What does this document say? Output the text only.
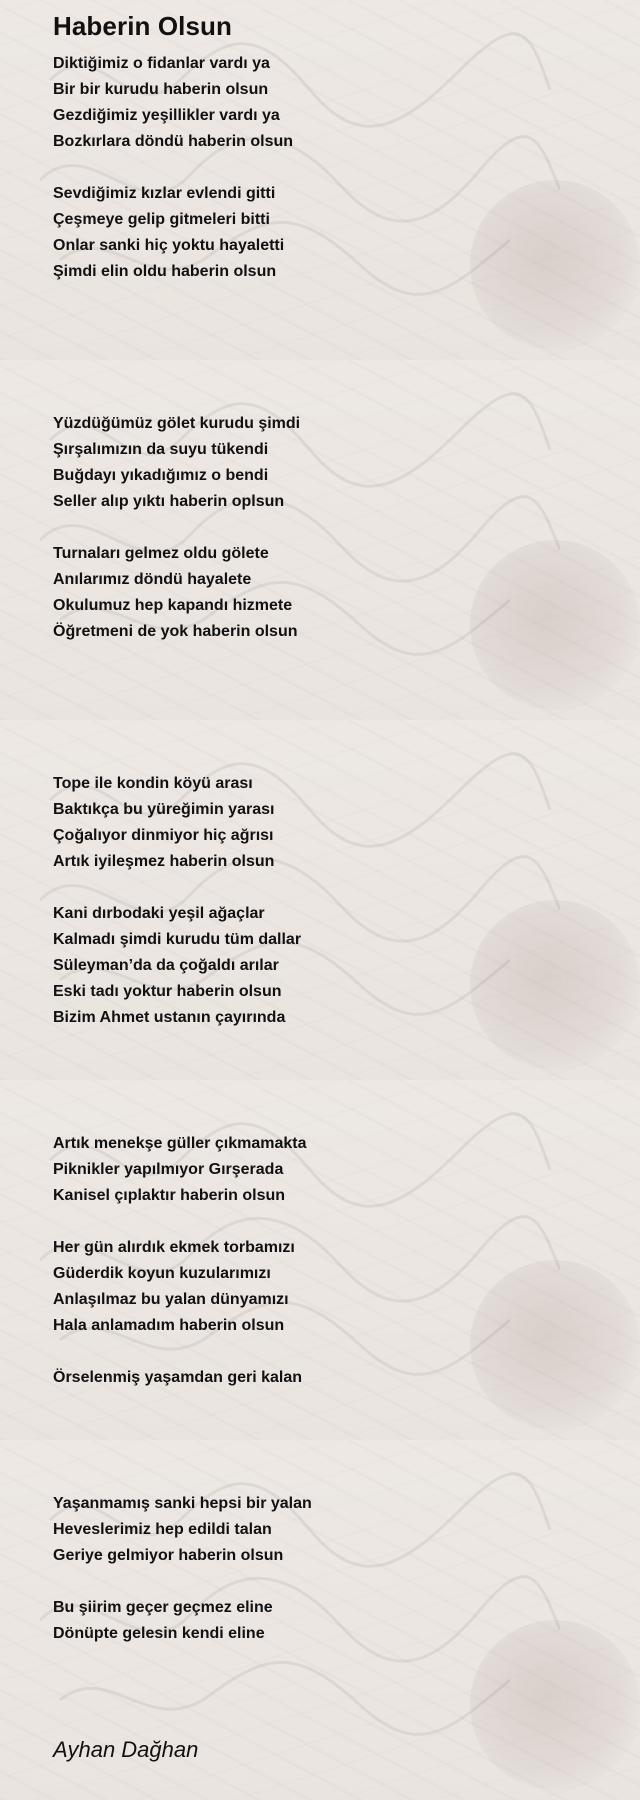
Haberin Olsun
Diktiğimiz o fidanlar vardı ya
Bir bir kurudu haberin olsun
Gezdiğimiz yeşillikler vardı ya
Bozkırlara döndü haberin olsun
Sevdiğimiz kızlar evlendi gitti
Çeşmeye gelip gitmeleri bitti
Onlar sanki hiç yoktu hayaletti
Şimdi elin oldu haberin olsun
Yüzdüğümüz gölet kurudu şimdi
Şırşalımızın da suyu tükendi
Buğdayı yıkadığımız o bendi
Seller alıp yıktı haberin oplsun
Turnaları gelmez oldu gölete
Anılarımız döndü hayalete
Okulumuz hep kapandı hizmete
Öğretmeni de yok haberin olsun
Tope ile kondin köyü arası
Baktıkça bu yüreğimin yarası
Çoğalıyor dinmiyor hiç ağrısı
Artık iyileşmez haberin olsun
Kani dırbodaki yeşil ağaçlar
Kalmadı şimdi kurudu tüm dallar
Süleyman’da da çoğaldı arılar
Eski tadı yoktur haberin olsun
Bizim Ahmet ustanın çayırında
Artık menekşe güller çıkmamakta
Piknikler yapılmıyor Gırşerada
Kanisel çıplaktır haberin olsun
Her gün alırdık ekmek torbamızı
Güderdik koyun kuzularımızı
Anlaşılmaz bu yalan dünyamızı
Hala anlamadım haberin olsun
Örselenmiş yaşamdan geri kalan
Yaşanmamış sanki hepsi bir yalan
Heveslerimiz hep edildi talan
Geriye gelmiyor haberin olsun
Bu şiirim geçer geçmez eline
Dönüpte gelesin kendi eline
Ayhan Dağhan
